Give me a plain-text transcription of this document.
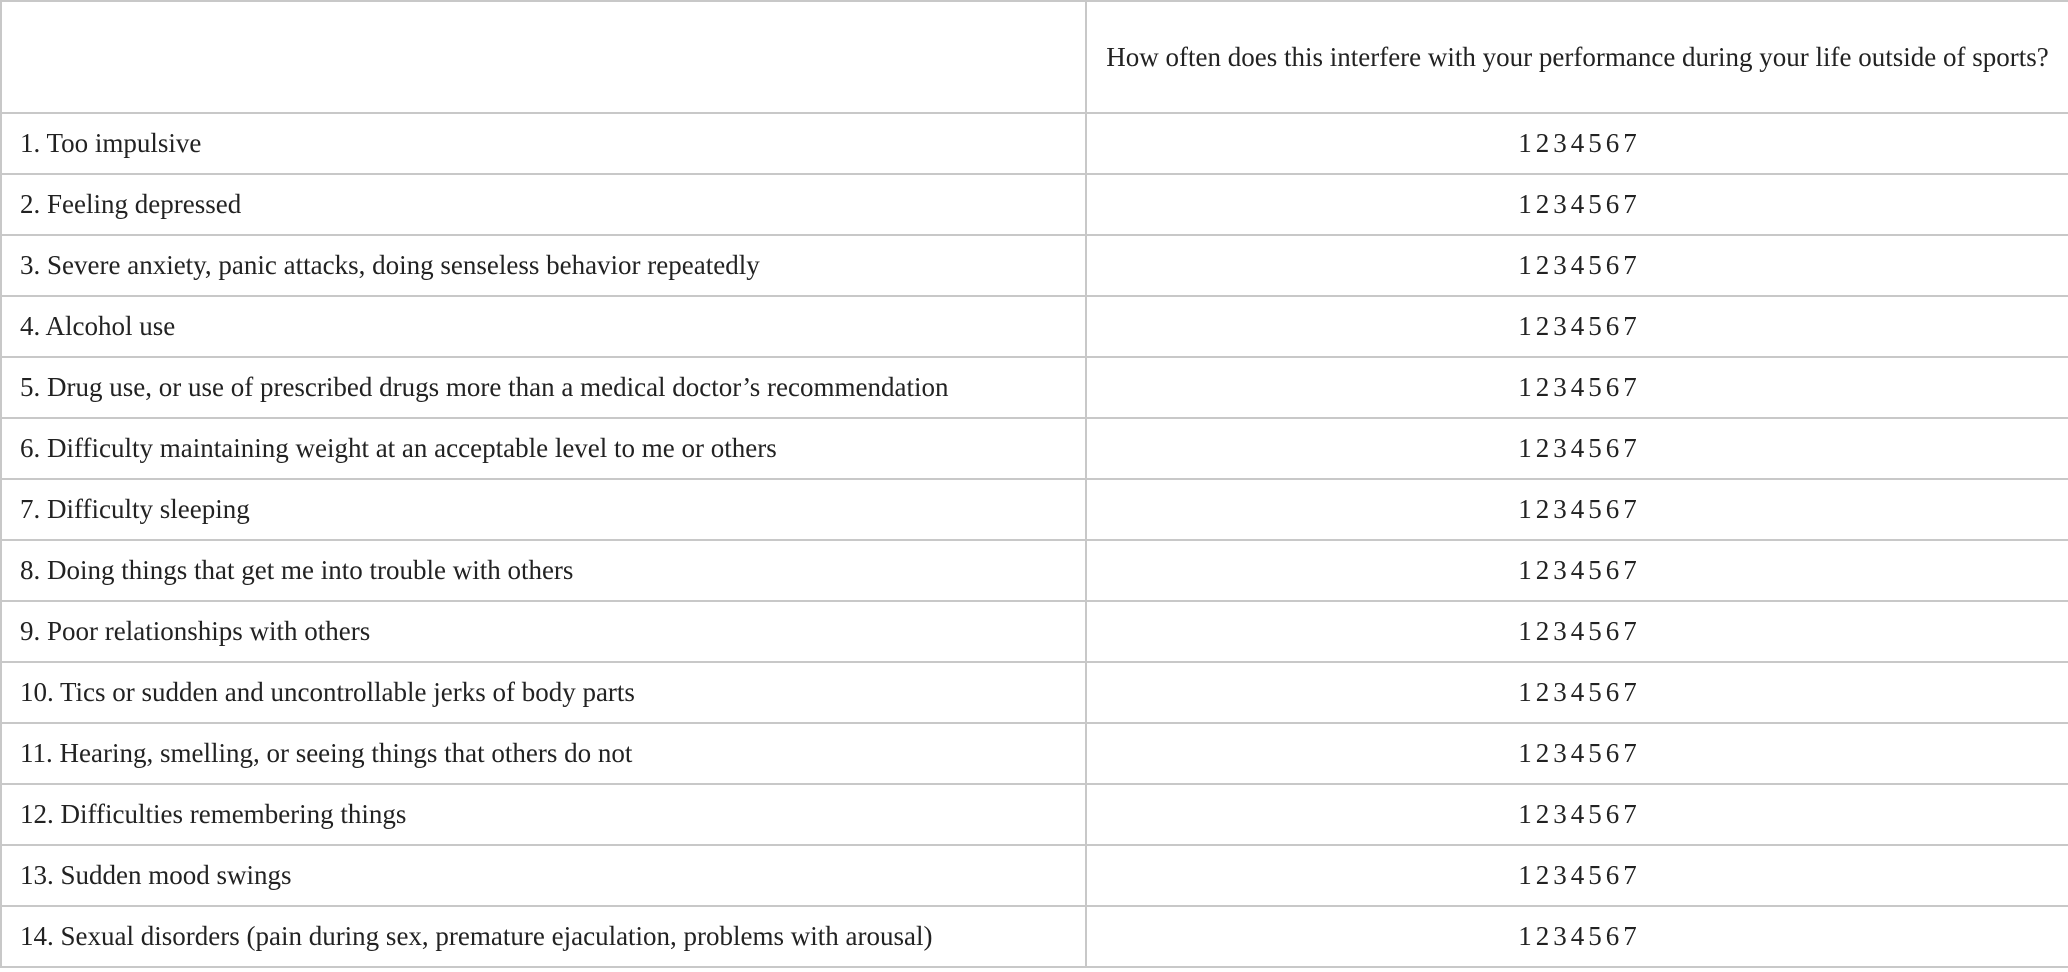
	How often does this interfere with your performance during your life outside of sports?
1. Too impulsive	1 2 3 4 5 6 7
2. Feeling depressed	1 2 3 4 5 6 7
3. Severe anxiety, panic attacks, doing senseless behavior repeatedly	1 2 3 4 5 6 7
4. Alcohol use	1 2 3 4 5 6 7
5. Drug use, or use of prescribed drugs more than a medical doctor’s recommendation	1 2 3 4 5 6 7
6. Difficulty maintaining weight at an acceptable level to me or others	1 2 3 4 5 6 7
7. Difficulty sleeping	1 2 3 4 5 6 7
8. Doing things that get me into trouble with others	1 2 3 4 5 6 7
9. Poor relationships with others	1 2 3 4 5 6 7
10. Tics or sudden and uncontrollable jerks of body parts	1 2 3 4 5 6 7
11. Hearing, smelling, or seeing things that others do not	1 2 3 4 5 6 7
12. Difficulties remembering things	1 2 3 4 5 6 7
13. Sudden mood swings	1 2 3 4 5 6 7
14. Sexual disorders (pain during sex, premature ejaculation, problems with arousal)	1 2 3 4 5 6 7
